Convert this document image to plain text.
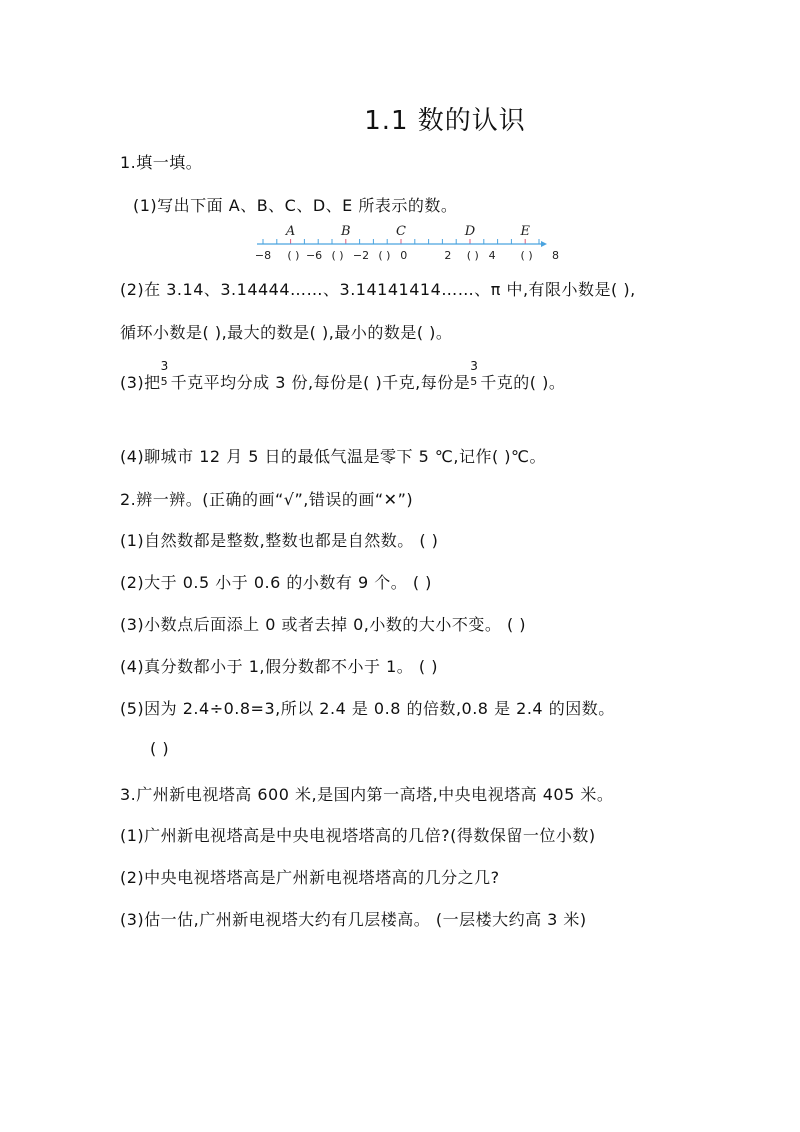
1.1 数的认识
1.填一填。
(1)写出下面 A、B、C、D、E 所表示的数。
A	B	C	D	E
−8 ( ) −6 ( ) −2 ( ) 0	2 ( ) 4 ( ) 8
(2)在 3.14、3.14444……、3.14141414……、π 中,有限小数是( ),
循环小数是( ),最大的数是( ),最小的数是( )。
(3)把
3
5 千克平均分成 3 份,每份是( )千克,每份是
3
5 千克的( )。
(4)聊城市 12 月 5 日的最低气温是零下 5 ℃,记作( )℃。
2.辨一辨。(正确的画“√”,错误的画“✕”)
(1)自然数都是整数,整数也都是自然数。 ( )
(2)大于 0.5 小于 0.6 的小数有 9 个。 ( )
(3)小数点后面添上 0 或者去掉 0,小数的大小不变。 ( )
(4)真分数都小于 1,假分数都不小于 1。 ( )
(5)因为 2.4÷0.8=3,所以 2.4 是 0.8 的倍数,0.8 是 2.4 的因数。
( )
3.广州新电视塔高 600 米,是国内第一高塔,中央电视塔高 405 米。
(1)广州新电视塔高是中央电视塔塔高的几倍?(得数保留一位小数)
(2)中央电视塔塔高是广州新电视塔塔高的几分之几?
(3)估一估,广州新电视塔大约有几层楼高。 (一层楼大约高 3 米)
